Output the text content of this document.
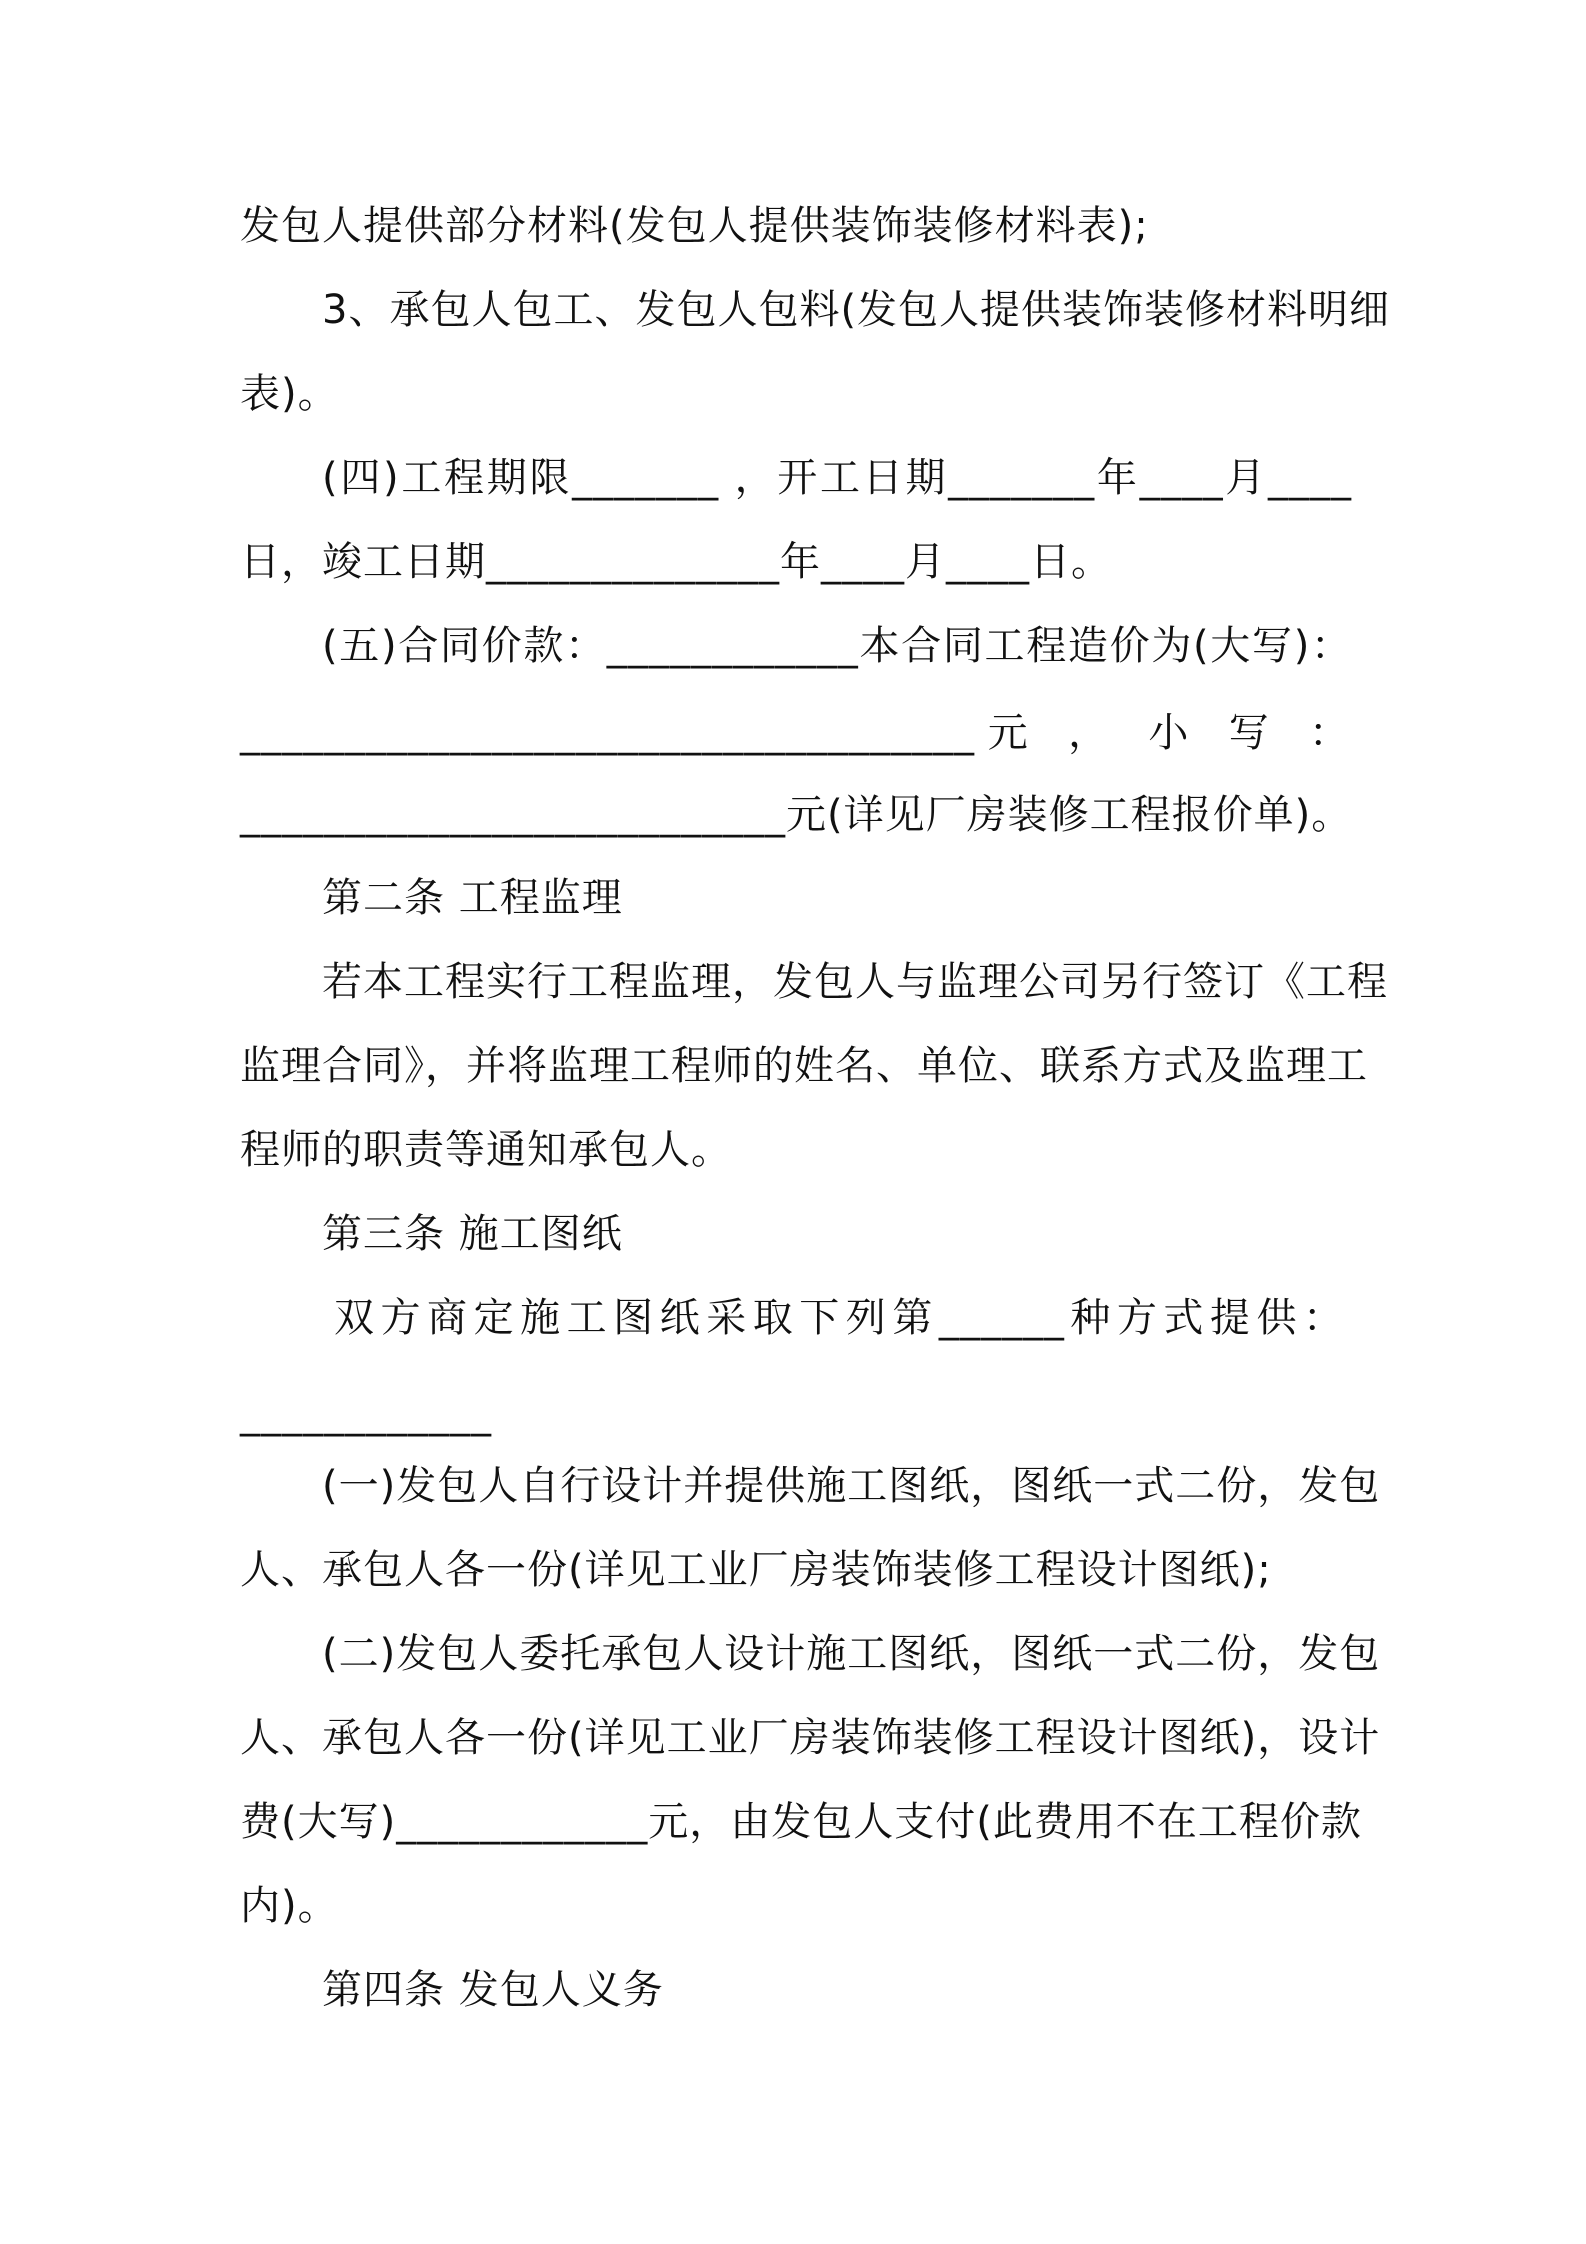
发包人提供部分材料(发包人提供装饰装修材料表);
3、承包人包工、发包人包料(发包人提供装饰装修材料明细
表)。
(四)工程期限_______ ，开工日期_______年____月____
日，竣工日期______________年____月____日。
(五)合同价款：____________本合同工程造价为(大写)：
___________________________________元 ， 小 写 ：
__________________________元(详见厂房装修工程报价单)。
第二条 工程监理
若本工程实行工程监理，发包人与监理公司另行签订《工程
监理合同》，并将监理工程师的姓名、单位、联系方式及监理工
程师的职责等通知承包人。
第三条 施工图纸
双方商定施工图纸采取下列第______种方式提供：
____________
(一)发包人自行设计并提供施工图纸，图纸一式二份，发包
人、承包人各一份(详见工业厂房装饰装修工程设计图纸);
(二)发包人委托承包人设计施工图纸，图纸一式二份，发包
人、承包人各一份(详见工业厂房装饰装修工程设计图纸)，设计
费(大写)____________元，由发包人支付(此费用不在工程价款
内)。
第四条 发包人义务
